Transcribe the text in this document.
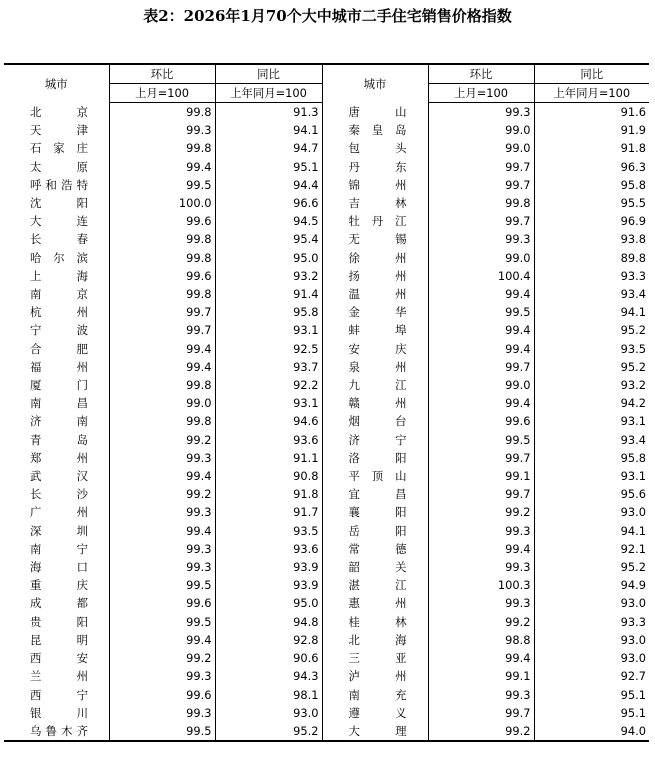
表2：2026年1月70个大中城市二手住宅销售价格指数
城市	环比	同比	城市	环比	同比
	上月=100	上年同月=100		上月=100	上年同月=100

北京	99.8	91.3	唐山	99.3	91.6

天津	99.3	94.1	秦皇岛	99.0	91.9

石家庄	99.8	94.7	包头	99.0	91.8

太原	99.4	95.1	丹东	99.7	96.3

呼和浩特	99.5	94.4	锦州	99.7	95.8

沈阳	100.0	96.6	吉林	99.8	95.5

大连	99.6	94.5	牡丹江	99.7	96.9

长春	99.8	95.4	无锡	99.3	93.8

哈尔滨	99.8	95.0	徐州	99.0	89.8

上海	99.6	93.2	扬州	100.4	93.3

南京	99.8	91.4	温州	99.4	93.4

杭州	99.7	95.8	金华	99.5	94.1

宁波	99.7	93.1	蚌埠	99.4	95.2

合肥	99.4	92.5	安庆	99.4	93.5

福州	99.4	93.7	泉州	99.7	95.2

厦门	99.8	92.2	九江	99.0	93.2

南昌	99.0	93.1	赣州	99.4	94.2

济南	99.8	94.6	烟台	99.6	93.1

青岛	99.2	93.6	济宁	99.5	93.4

郑州	99.3	91.1	洛阳	99.7	95.8

武汉	99.4	90.8	平顶山	99.1	93.1

长沙	99.2	91.8	宜昌	99.7	95.6

广州	99.3	91.7	襄阳	99.2	93.0

深圳	99.4	93.5	岳阳	99.3	94.1

南宁	99.3	93.6	常德	99.4	92.1

海口	99.3	93.9	韶关	99.3	95.2

重庆	99.5	93.9	湛江	100.3	94.9

成都	99.6	95.0	惠州	99.3	93.0

贵阳	99.5	94.8	桂林	99.2	93.3

昆明	99.4	92.8	北海	98.8	93.0

西安	99.2	90.6	三亚	99.4	93.0

兰州	99.3	94.3	泸州	99.1	92.7

西宁	99.6	98.1	南充	99.3	95.1

银川	99.3	93.0	遵义	99.7	95.1

乌鲁木齐	99.5	95.2	大理	99.2	94.0
